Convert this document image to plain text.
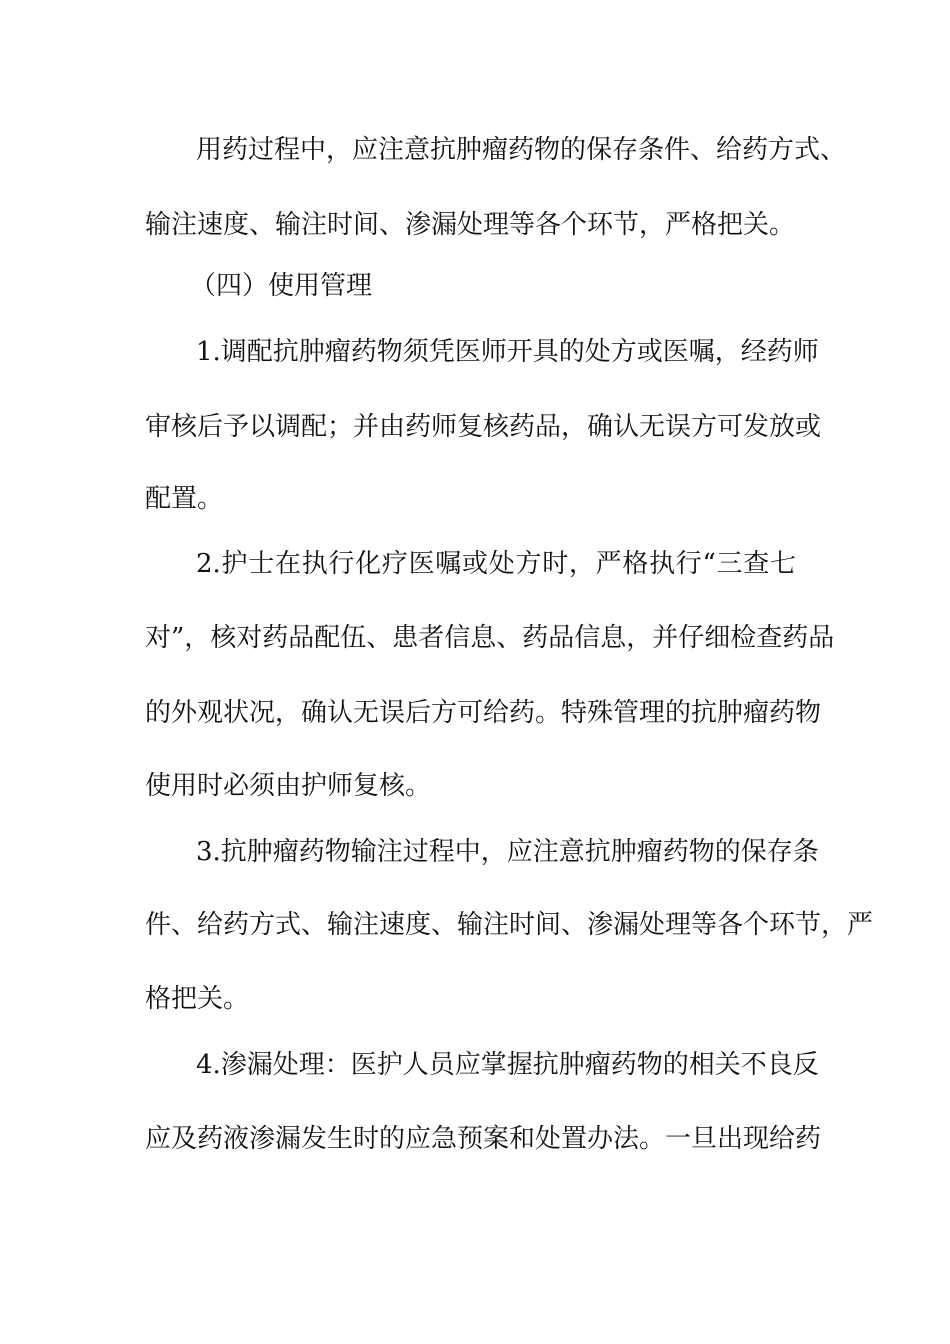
用药过程中，应注意抗肿瘤药物的保存条件、给药方式、
输注速度、输注时间、渗漏处理等各个环节，严格把关。
（四）使用管理
1.调配抗肿瘤药物须凭医师开具的处方或医嘱，经药师
审核后予以调配；并由药师复核药品，确认无误方可发放或
配置。
2.护士在执行化疗医嘱或处方时，严格执行“三查七
对”，核对药品配伍、患者信息、药品信息，并仔细检查药品
的外观状况，确认无误后方可给药。特殊管理的抗肿瘤药物
使用时必须由护师复核。
3.抗肿瘤药物输注过程中，应注意抗肿瘤药物的保存条
件、给药方式、输注速度、输注时间、渗漏处理等各个环节，严
格把关。
4.渗漏处理：医护人员应掌握抗肿瘤药物的相关不良反
应及药液渗漏发生时的应急预案和处置办法。一旦出现给药
